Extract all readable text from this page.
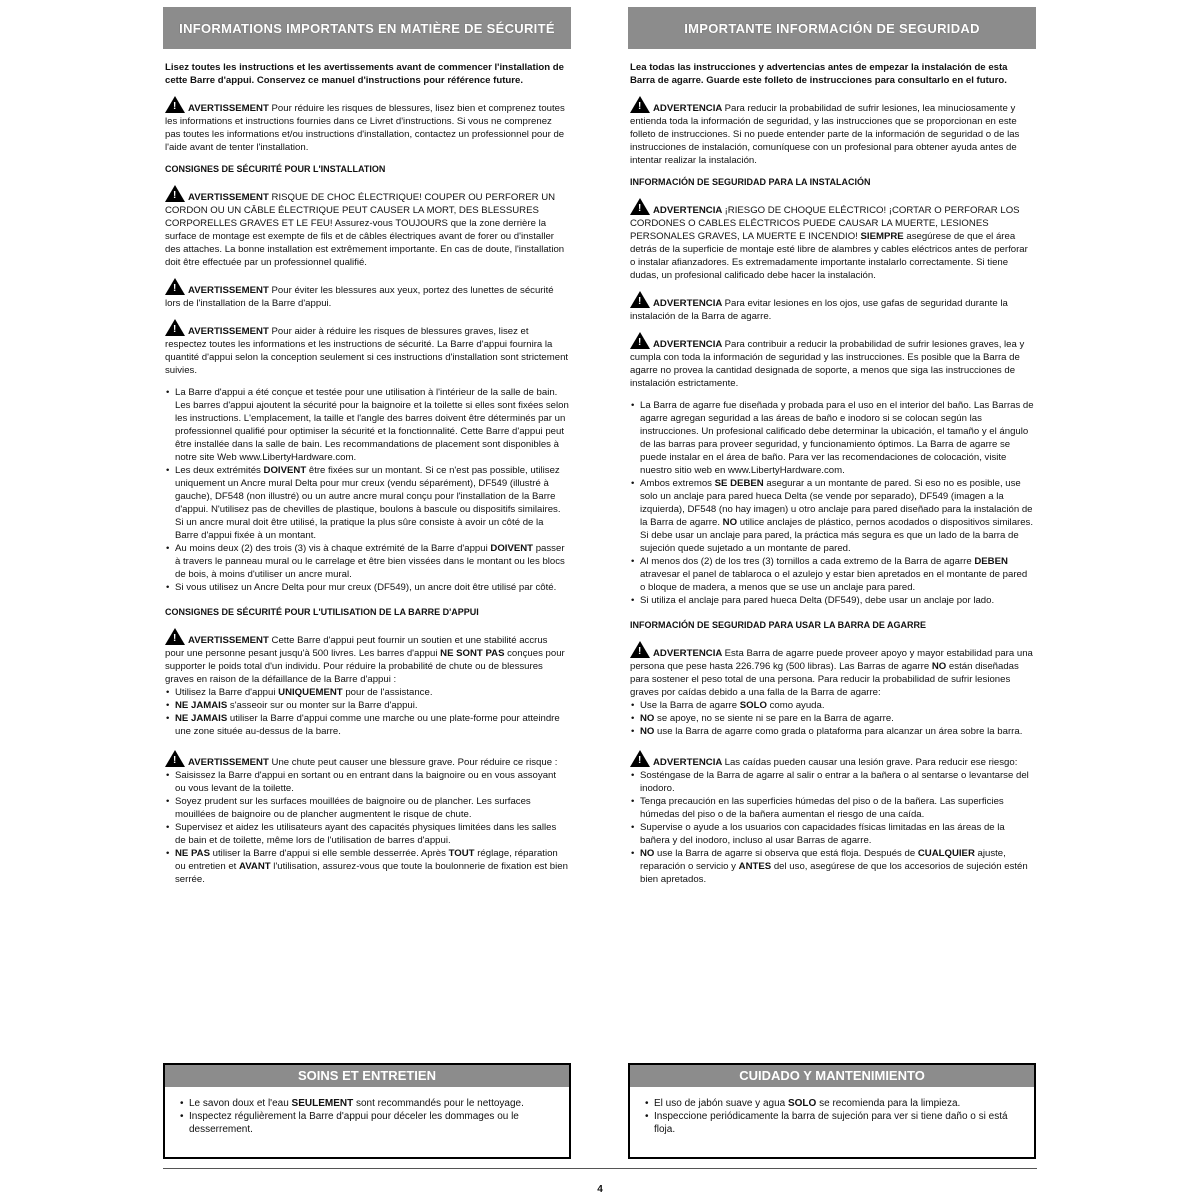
INFORMATIONS IMPORTANTS EN MATIÈRE DE SÉCURITÉ
Lisez toutes les instructions et les avertissements avant de commencer l'installation de cette Barre d'appui. Conservez ce manuel d'instructions pour référence future.
!AVERTISSEMENT Pour réduire les risques de blessures, lisez bien et comprenez toutes les informations et instructions fournies dans ce Livret d'instructions. Si vous ne comprenez pas toutes les informations et/ou instructions d'installation, contactez un professionnel pour de l'aide avant de tenter l'installation.
CONSIGNES DE SÉCURITÉ POUR L'INSTALLATION
!AVERTISSEMENT RISQUE DE CHOC ÉLECTRIQUE! COUPER OU PERFORER UN CORDON OU UN CÂBLE ÉLECTRIQUE PEUT CAUSER LA MORT, DES BLESSURES CORPORELLES GRAVES ET LE FEU! Assurez-vous TOUJOURS que la zone derrière la surface de montage est exempte de fils et de câbles électriques avant de forer ou d'installer des attaches. La bonne installation est extrêmement importante. En cas de doute, l'installation doit être effectuée par un professionnel qualifié.
!AVERTISSEMENT Pour éviter les blessures aux yeux, portez des lunettes de sécurité lors de l'installation de la Barre d'appui.
!AVERTISSEMENT Pour aider à réduire les risques de blessures graves, lisez et respectez toutes les informations et les instructions de sécurité. La Barre d'appui fournira la quantité d'appui selon la conception seulement si ces instructions d'installation sont strictement suivies.
• La Barre d'appui a été conçue et testée pour une utilisation à l'intérieur de la salle de bain. Les barres d'appui ajoutent la sécurité pour la baignoire et la toilette si elles sont fixées selon les instructions. L'emplacement, la taille et l'angle des barres doivent être déterminés par un professionnel qualifié pour optimiser la sécurité et la fonctionnalité. Cette Barre d'appui peut être installée dans la salle de bain. Les recommandations de placement sont disponibles à notre site Web www.LibertyHardware.com.
• Les deux extrémités DOIVENT être fixées sur un montant. Si ce n'est pas possible, utilisez uniquement un Ancre mural Delta pour mur creux (vendu séparément), DF549 (illustré à gauche), DF548 (non illustré) ou un autre ancre mural conçu pour l'installation de la Barre d'appui. N'utilisez pas de chevilles de plastique, boulons à bascule ou dispositifs similaires. Si un ancre mural doit être utilisé, la pratique la plus sûre consiste à avoir un côté de la Barre d'appui fixée à un montant.
• Au moins deux (2) des trois (3) vis à chaque extrémité de la Barre d'appui DOIVENT passer à travers le panneau mural ou le carrelage et être bien vissées dans le montant ou les blocs de bois, à moins d'utiliser un ancre mural.
• Si vous utilisez un Ancre Delta pour mur creux (DF549), un ancre doit être utilisé par côté.
CONSIGNES DE SÉCURITÉ POUR L'UTILISATION DE LA BARRE D'APPUI
!AVERTISSEMENT Cette Barre d'appui peut fournir un soutien et une stabilité accrus pour une personne pesant jusqu'à 500 livres. Les barres d'appui NE SONT PAS conçues pour supporter le poids total d'un individu. Pour réduire la probabilité de chute ou de blessures graves en raison de la défaillance de la Barre d'appui :
• Utilisez la Barre d'appui UNIQUEMENT pour de l'assistance.
• NE JAMAIS s'asseoir sur ou monter sur la Barre d'appui.
• NE JAMAIS utiliser la Barre d'appui comme une marche ou une plate-forme pour atteindre une zone située au-dessus de la barre.
!AVERTISSEMENT Une chute peut causer une blessure grave. Pour réduire ce risque :
• Saisissez la Barre d'appui en sortant ou en entrant dans la baignoire ou en vous assoyant ou vous levant de la toilette.
• Soyez prudent sur les surfaces mouillées de baignoire ou de plancher. Les surfaces mouillées de baignoire ou de plancher augmentent le risque de chute.
• Supervisez et aidez les utilisateurs ayant des capacités physiques limitées dans les salles de bain et de toilette, même lors de l'utilisation de barres d'appui.
• NE PAS utiliser la Barre d'appui si elle semble desserrée. Après TOUT réglage, réparation ou entretien et AVANT l'utilisation, assurez-vous que toute la boulonnerie de fixation est bien serrée.
IMPORTANTE INFORMACIÓN DE SEGURIDAD
Lea todas las instrucciones y advertencias antes de empezar la instalación de esta Barra de agarre. Guarde este folleto de instrucciones para consultarlo en el futuro.
!ADVERTENCIA Para reducir la probabilidad de sufrir lesiones, lea minuciosamente y entienda toda la información de seguridad, y las instrucciones que se proporcionan en este folleto de instrucciones. Si no puede entender parte de la información de seguridad o de las instrucciones de instalación, comuníquese con un profesional para obtener ayuda antes de intentar realizar la instalación.
INFORMACIÓN DE SEGURIDAD PARA LA INSTALACIÓN
!ADVERTENCIA ¡RIESGO DE CHOQUE ELÉCTRICO! ¡CORTAR O PERFORAR LOS CORDONES O CABLES ELÉCTRICOS PUEDE CAUSAR LA MUERTE, LESIONES PERSONALES GRAVES, LA MUERTE E INCENDIO! SIEMPRE asegúrese de que el área detrás de la superficie de montaje esté libre de alambres y cables eléctricos antes de perforar o instalar afianzadores. Es extremadamente importante instalarlo correctamente. Si tiene dudas, un profesional calificado debe hacer la instalación.
!ADVERTENCIA Para evitar lesiones en los ojos, use gafas de seguridad durante la instalación de la Barra de agarre.
!ADVERTENCIA Para contribuir a reducir la probabilidad de sufrir lesiones graves, lea y cumpla con toda la información de seguridad y las instrucciones. Es posible que la Barra de agarre no provea la cantidad designada de soporte, a menos que siga las instrucciones de instalación estrictamente.
• La Barra de agarre fue diseñada y probada para el uso en el interior del baño. Las Barras de agarre agregan seguridad a las áreas de baño e inodoro si se colocan según las instrucciones. Un profesional calificado debe determinar la ubicación, el tamaño y el ángulo de las barras para proveer seguridad, y funcionamiento óptimos. La Barra de agarre se puede instalar en el área de baño. Para ver las recomendaciones de colocación, visite nuestro sitio web en www.LibertyHardware.com.
• Ambos extremos SE DEBEN asegurar a un montante de pared. Si eso no es posible, use solo un anclaje para pared hueca Delta (se vende por separado), DF549 (imagen a la izquierda), DF548 (no hay imagen) u otro anclaje para pared diseñado para la instalación de la Barra de agarre. NO utilice anclajes de plástico, pernos acodados o dispositivos similares. Si debe usar un anclaje para pared, la práctica más segura es que un lado de la barra de sujeción quede sujetado a un montante de pared.
• Al menos dos (2) de los tres (3) tornillos a cada extremo de la Barra de agarre DEBEN atravesar el panel de tablaroca o el azulejo y estar bien apretados en el montante de pared o bloque de madera, a menos que se use un anclaje para pared.
• Si utiliza el anclaje para pared hueca Delta (DF549), debe usar un anclaje por lado.
INFORMACIÓN DE SEGURIDAD PARA USAR LA BARRA DE AGARRE
!ADVERTENCIA Esta Barra de agarre puede proveer apoyo y mayor estabilidad para una persona que pese hasta 226.796 kg (500 libras). Las Barras de agarre NO están diseñadas para sostener el peso total de una persona. Para reducir la probabilidad de sufrir lesiones graves por caídas debido a una falla de la Barra de agarre:
• Use la Barra de agarre SOLO como ayuda.
• NO se apoye, no se siente ni se pare en la Barra de agarre.
• NO use la Barra de agarre como grada o plataforma para alcanzar un área sobre la barra.
!ADVERTENCIA Las caídas pueden causar una lesión grave. Para reducir ese riesgo:
• Sosténgase de la Barra de agarre al salir o entrar a la bañera o al sentarse o levantarse del inodoro.
• Tenga precaución en las superficies húmedas del piso o de la bañera. Las superficies húmedas del piso o de la bañera aumentan el riesgo de una caída.
• Supervise o ayude a los usuarios con capacidades físicas limitadas en las áreas de la bañera y del inodoro, incluso al usar Barras de agarre.
• NO use la Barra de agarre si observa que está floja. Después de CUALQUIER ajuste, reparación o servicio y ANTES del uso, asegúrese de que los accesorios de sujeción estén bien apretados.
SOINS ET ENTRETIEN
• Le savon doux et l'eau SEULEMENT sont recommandés pour le nettoyage.
• Inspectez régulièrement la Barre d'appui pour déceler les dommages ou le desserrement.
CUIDADO Y MANTENIMIENTO
• El uso de jabón suave y agua SOLO se recomienda para la limpieza.
• Inspeccione periódicamente la barra de sujeción para ver si tiene daño o si está floja.
4
